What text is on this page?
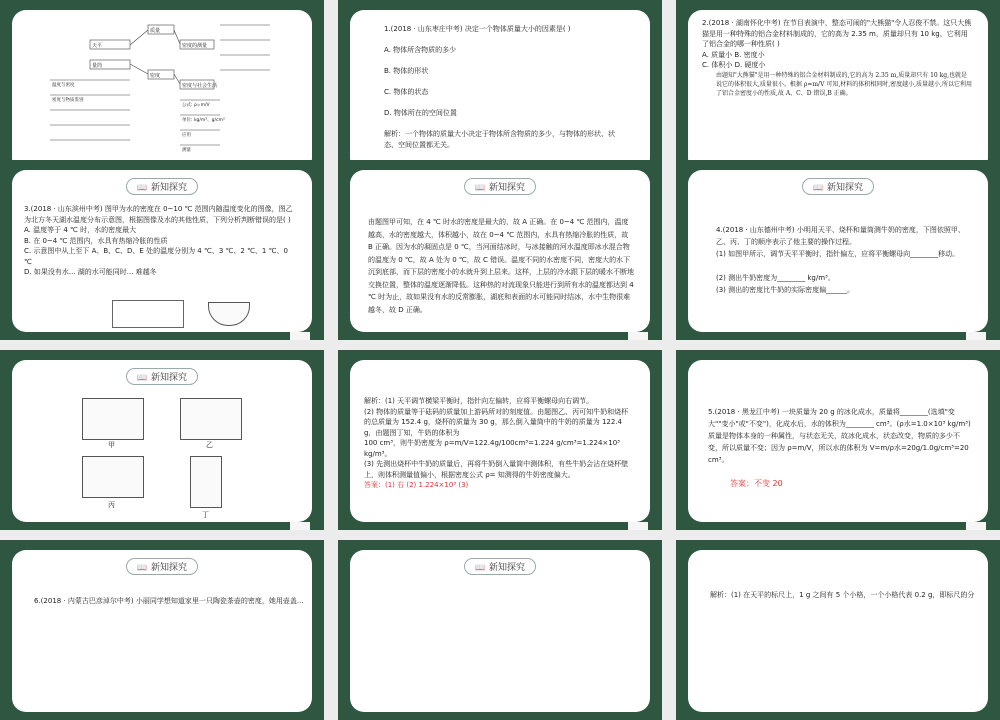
质量
密度
天平
量筒
密度的测量
密度与社会生活
公式: ρ=m/V
单位: kg/m³、g/cm³
应用
测量
温度与密度
密度与物质鉴别

1.(2018 · 山东枣庄中考) 决定一个物体质量大小的因素是( )

A. 物体所含物质的多少

B. 物体的形状

C. 物体的状态

D. 物体所在的空间位置

解析：一个物体的质量大小决定于物体所含物质的多少，与物体的形状、状态、空间位置都无关。

2.(2018 · 湖南怀化中考) 在节目表演中，整态可闹的"大熊猫"令人忍俊不禁。这只大熊猫是用一种特殊的铝合金材料制成的，它的高为 2.35 m，质量却只有 10 kg，它利用了铝合金的哪一种性质( )

A. 质量小 B. 密度小

C. 体积小 D. 硬度小

由题知"大熊猫"是用一种特殊的铝合金材料制成的,它的高为 2.35 m,质量却只有 10 kg,也就是说它的体积很大,质量很小。根据 ρ=m/V 可知,材料的体积相同时,密度越小,质量越小,所以它利用了铝合金密度小的性质,故 A、C、D 错误,B 正确。

📖 新知探究

3.(2018 · 山东滨州中考) 图甲为水的密度在 0~10 ℃ 范围内随温度变化的图像，图乙为北方冬天湖水温度分布示意图，根据图像及水的其他性质，下列分析判断错误的是( )

A. 温度等于 4 ℃ 时，水的密度最大

B. 在 0~4 ℃ 范围内，水具有热缩冷胀的性质

C. 示意图中从上至下 A、B、C、D、E 处的温度分别为 4 ℃、3 ℃、2 ℃、1 ℃、0 ℃

D. 如果没有水... 湖的水可能同时... 难越冬

📖 新知探究

由题图甲可知，在 4 ℃ 时水的密度是最大的，故 A 正确。在 0~4 ℃ 范围内，温度越高，水的密度越大，体积越小，故在 0~4 ℃ 范围内，水具有热缩冷胀的性质，故 B 正确。因为水的凝固点是 0 ℃，当河面结冰时，与冰接触的河水温度即冰水混合物的温度为 0 ℃，故 A 处为 0 ℃，故 C 错误。温度不同的水密度不同，密度大的水下沉到底部，而下层的密度小的水就升到上层来。这样，上层的冷水跟下层的暖水不断地交换位置，整体的温度逐渐降低。这种热的对流现象只能进行到所有水的温度都达到 4 ℃ 时为止，故如果没有水的反常膨胀，湖底和表面的水可能同时结冰，水中生物很难越冬，故 D 正确。

📖 新知探究

4.(2018 · 山东德州中考) 小明用天平、烧杯和量筒测牛奶的密度，下图依照甲、乙、丙、丁的顺序表示了他主要的操作过程。

(1) 如图甲所示，调节天平平衡时，指针偏左，应将平衡螺母向________移动。

(2) 测出牛奶密度为________ kg/m³。

(3) 测出的密度比牛奶的实际密度偏______。

📖 新知探究
甲	乙
丙
丁

解析：(1) 天平调节横梁平衡时，指针向左偏转，应将平衡螺母向右调节。

(2) 物体的质量等于砝码的质量加上游码所对的刻度值。由题图乙、丙可知牛奶和烧杯的总质量为 152.4 g，烧杯的质量为 30 g，那么倒入量筒中的牛奶的质量为 122.4 g，由题图丁知，牛奶的体积为

100 cm³，则牛奶密度为 ρ=m/V=122.4g/100cm³=1.224 g/cm³=1.224×10³ kg/m³。

(3) 先测出烧杯中牛奶的质量后，再将牛奶倒入量筒中测体积，有些牛奶会沾在烧杯壁上，则体积测量值偏小，根据密度公式 ρ= 知测得的牛奶密度偏大。

答案：(1) 右 (2) 1.224×10³ (3)

5.(2018 · 黑龙江中考) 一块质量为 20 g 的冰化成水，质量将________(选填"变大""变小"或"不变")，化成水后，水的体积为________ cm³。(ρ水=1.0×10³ kg/m³)

质量是物体本身的一种属性，与状态无关，故冰化成水，状态改变，物质的多少不变，所以质量不变；因为 ρ=m/V，所以水的体积为 V=m/ρ水=20g/1.0g/cm³=20 cm³。

答案：不变 20

📖 新知探究

6.(2018 · 内蒙古巴彦淖尔中考) 小丽同学想知道家里一只陶瓷茶壶的密度，她用壶盖...

📖 新知探究

解析：(1) 在天平的标尺上，1 g 之间有 5 个小格，一个小格代表 0.2 g，即标尺的分
